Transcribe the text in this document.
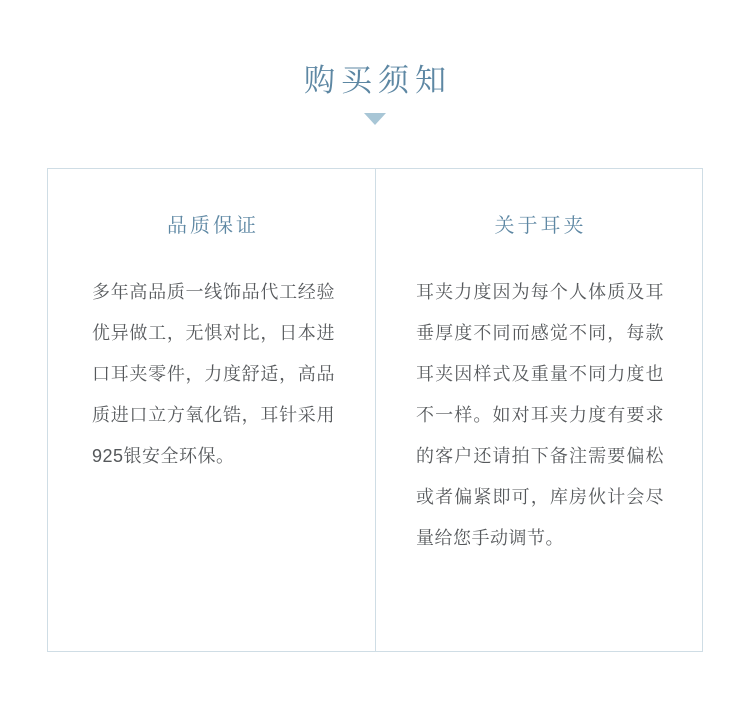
购买须知
品质保证

多年高品质一线饰品代工经验优异做工，无惧对比，日本进口耳夹零件，力度舒适，高品质进口立方氧化锆，耳针采用925银安全环保。

关于耳夹

耳夹力度因为每个人体质及耳垂厚度不同而感觉不同，每款耳夹因样式及重量不同力度也不一样。如对耳夹力度有要求的客户还请拍下备注需要偏松或者偏紧即可，库房伙计会尽量给您手动调节。
